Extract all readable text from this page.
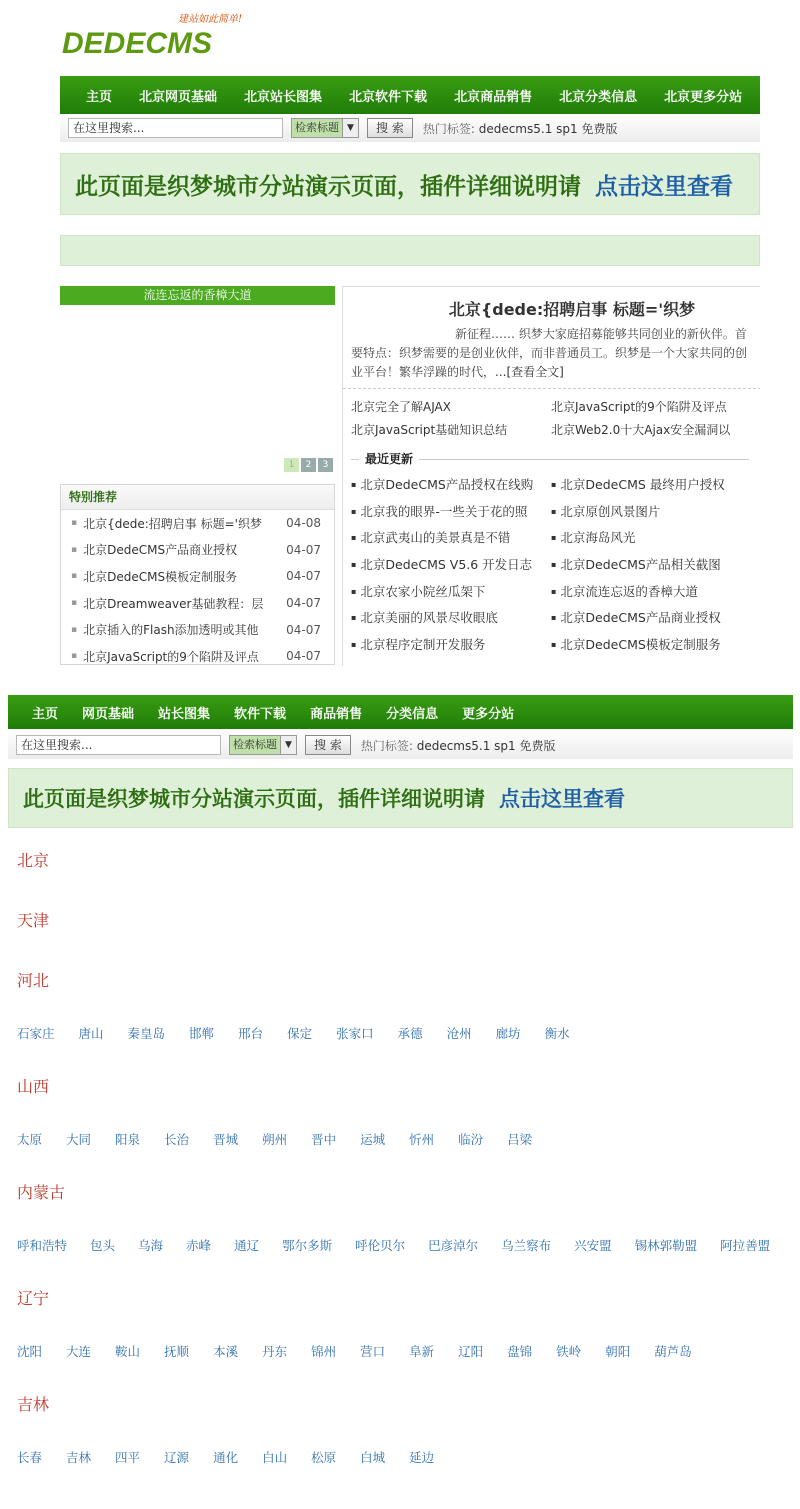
DEDECMS
建站如此简单!
主页 北京网页基础 北京站长图集 北京软件下载 北京商品销售 北京分类信息 北京更多分站
在这里搜索...	检索标题 ▼	搜 索	热门标签: dedecms5.1 sp1 免费版
此页面是织梦城市分站演示页面，插件详细说明请 点击这里查看
流连忘返的香樟大道
1	2	3
特别推荐
▪ 北京{dede:招聘启事 标题='织梦	04-08
▪ 北京DedeCMS产品商业授权	04-07
▪ 北京DedeCMS模板定制服务	04-07
▪ 北京Dreamweaver基础教程：层	04-07
▪ 北京插入的Flash添加透明或其他	04-07
▪ 北京JavaScript的9个陷阱及评点	04-07
北京{dede:招聘启事 标题='织梦
新征程…… 织梦大家庭招募能够共同创业的新伙伴。首要特点：织梦需要的是创业伙伴，而非普通员工。织梦是一个大家共同的创业平台！繁华浮躁的时代，...[查看全文]
北京完全了解AJAX	北京JavaScript的9个陷阱及评点
北京JavaScript基础知识总结	北京Web2.0十大Ajax安全漏洞以
最近更新
▪ 北京DedeCMS产品授权在线购	▪ 北京DedeCMS 最终用户授权
▪ 北京我的眼界-一些关于花的照	▪ 北京原创风景图片
▪ 北京武夷山的美景真是不错	▪ 北京海岛风光
▪ 北京DedeCMS V5.6 开发日志	▪ 北京DedeCMS产品相关截图
▪ 北京农家小院丝瓜架下	▪ 北京流连忘返的香樟大道
▪ 北京美丽的风景尽收眼底	▪ 北京DedeCMS产品商业授权
▪ 北京程序定制开发服务	▪ 北京DedeCMS模板定制服务
主页 网页基础 站长图集 软件下载 商品销售 分类信息 更多分站
在这里搜索...	检索标题 ▼	搜 索	热门标签: dedecms5.1 sp1 免费版
此页面是织梦城市分站演示页面，插件详细说明请 点击这里查看
北京
天津
河北
石家庄 唐山 秦皇岛 邯郸 邢台 保定 张家口 承德 沧州 廊坊 衡水
山西
太原 大同 阳泉 长治 晋城 朔州 晋中 运城 忻州 临汾 吕梁
内蒙古
呼和浩特 包头 乌海 赤峰 通辽 鄂尔多斯 呼伦贝尔 巴彦淖尔 乌兰察布 兴安盟 锡林郭勒盟 阿拉善盟
辽宁
沈阳 大连 鞍山 抚顺 本溪 丹东 锦州 营口 阜新 辽阳 盘锦 铁岭 朝阳 葫芦岛
吉林
长春 吉林 四平 辽源 通化 白山 松原 白城 延边
